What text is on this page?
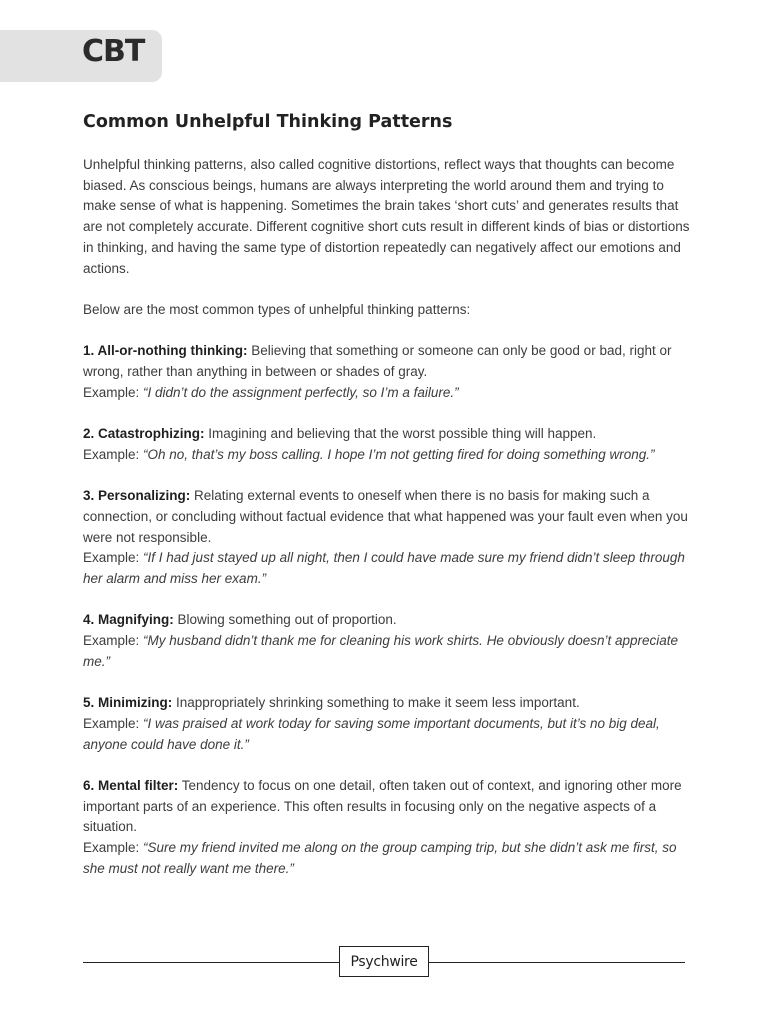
CBT
Common Unhelpful Thinking Patterns

Unhelpful thinking patterns, also called cognitive distortions, reflect ways that thoughts can become biased. As conscious beings, humans are always interpreting the world around them and trying to make sense of what is happening. Sometimes the brain takes ‘short cuts’ and generates results that are not completely accurate. Different cognitive short cuts result in different kinds of bias or distortions in thinking, and having the same type of distortion repeatedly can negatively affect our emotions and actions.

Below are the most common types of unhelpful thinking patterns:

1. All-or-nothing thinking: Believing that something or someone can only be good or bad, right or wrong, rather than anything in between or shades of gray.
Example: “I didn’t do the assignment perfectly, so I’m a failure.”
2. Catastrophizing: Imagining and believing that the worst possible thing will happen.
Example: “Oh no, that’s my boss calling. I hope I’m not getting fired for doing something wrong.”
3. Personalizing: Relating external events to oneself when there is no basis for making such a connection, or concluding without factual evidence that what happened was your fault even when you were not responsible.
Example: “If I had just stayed up all night, then I could have made sure my friend didn’t sleep through her alarm and miss her exam.”
4. Magnifying: Blowing something out of proportion.
Example: “My husband didn’t thank me for cleaning his work shirts. He obviously doesn’t appreciate me.”
5. Minimizing: Inappropriately shrinking something to make it seem less important.
Example: “I was praised at work today for saving some important documents, but it’s no big deal, anyone could have done it.”
6. Mental filter: Tendency to focus on one detail, often taken out of context, and ignoring other more important parts of an experience. This often results in focusing only on the negative aspects of a situation.
Example: “Sure my friend invited me along on the group camping trip, but she didn’t ask me first, so she must not really want me there.”
Psychwire
